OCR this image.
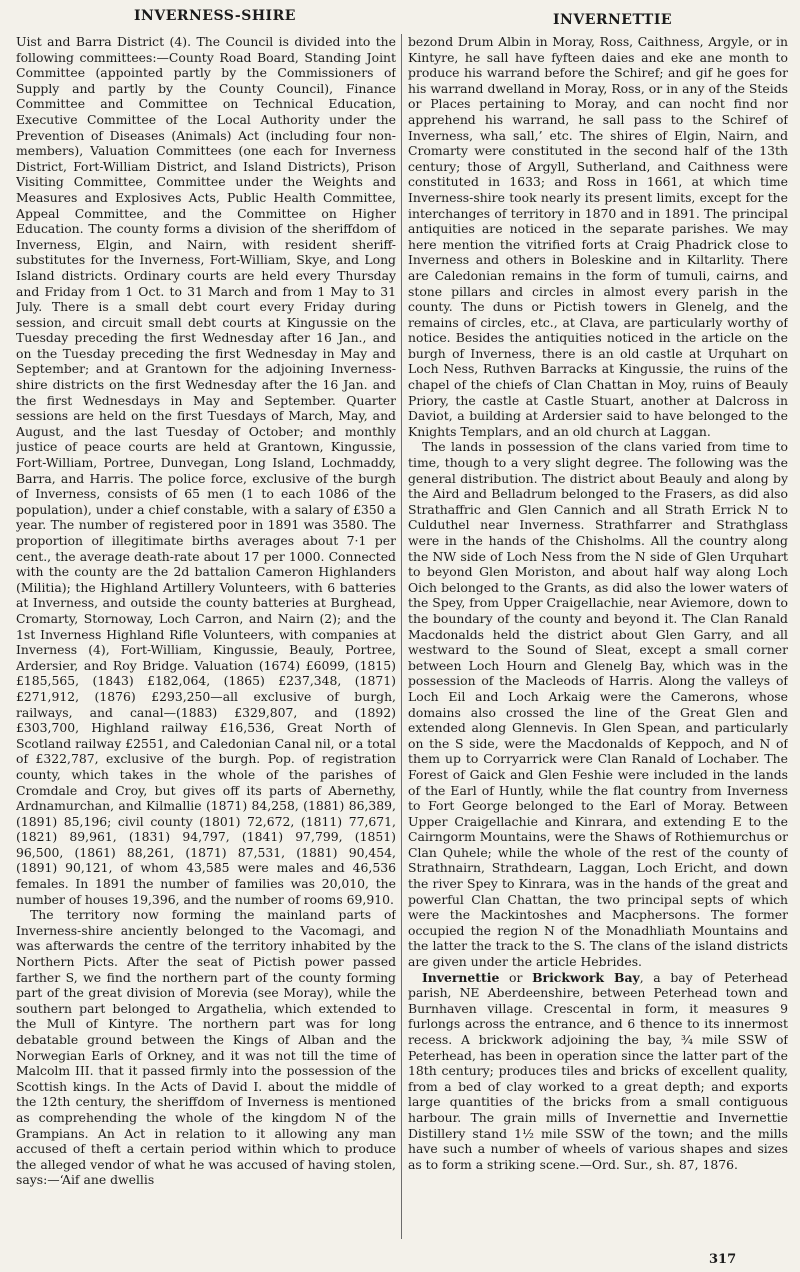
INVERNESS-SHIRE	INVERNETTIE

Uist and Barra District (4). The Council is divided into the following committees:—County Road Board, Standing Joint Committee (appointed partly by the Commissioners of Supply and partly by the County Council), Finance Committee and Committee on Technical Education, Executive Committee of the Local Authority under the Prevention of Diseases (Animals) Act (including four non-members), Valuation Committees (one each for Inverness District, Fort-William District, and Island Districts), Prison Visiting Committee, Committee under the Weights and Measures and Explosives Acts, Public Health Committee, Appeal Committee, and the Committee on Higher Education. The county forms a division of the sheriffdom of Inverness, Elgin, and Nairn, with resident sheriff-substitutes for the Inverness, Fort-William, Skye, and Long Island districts. Ordinary courts are held every Thursday and Friday from 1 Oct. to 31 March and from 1 May to 31 July. There is a small debt court every Friday during session, and circuit small debt courts at Kingussie on the Tuesday preceding the first Wednesday after 16 Jan., and on the Tuesday preceding the first Wednesday in May and September; and at Grantown for the adjoining Inverness-shire districts on the first Wednesday after the 16 Jan. and the first Wednesdays in May and September. Quarter sessions are held on the first Tuesdays of March, May, and August, and the last Tuesday of October; and monthly justice of peace courts are held at Grantown, Kingussie, Fort-William, Portree, Dunvegan, Long Island, Lochmaddy, Barra, and Harris. The police force, exclusive of the burgh of Inverness, consists of 65 men (1 to each 1086 of the population), under a chief constable, with a salary of £350 a year. The number of registered poor in 1891 was 3580. The proportion of illegitimate births averages about 7·1 per cent., the average death-rate about 17 per 1000. Connected with the county are the 2d battalion Cameron Highlanders (Militia); the Highland Artillery Volunteers, with 6 batteries at Inverness, and outside the county batteries at Burghead, Cromarty, Stornoway, Loch Carron, and Nairn (2); and the 1st Inverness Highland Rifle Volunteers, with companies at Inverness (4), Fort-William, Kingussie, Beauly, Portree, Ardersier, and Roy Bridge. Valuation (1674) £6099, (1815) £185,565, (1843) £182,064, (1865) £237,348, (1871) £271,912, (1876) £293,250—all exclusive of burgh, railways, and canal—(1883) £329,807, and (1892) £303,700, Highland railway £16,536, Great North of Scotland railway £2551, and Caledonian Canal nil, or a total of £322,787, exclusive of the burgh. Pop. of registration county, which takes in the whole of the parishes of Cromdale and Croy, but gives off its parts of Abernethy, Ardnamurchan, and Kilmallie (1871) 84,258, (1881) 86,389, (1891) 85,196; civil county (1801) 72,672, (1811) 77,671, (1821) 89,961, (1831) 94,797, (1841) 97,799, (1851) 96,500, (1861) 88,261, (1871) 87,531, (1881) 90,454, (1891) 90,121, of whom 43,585 were males and 46,536 females. In 1891 the number of families was 20,010, the number of houses 19,396, and the number of rooms 69,910.

The territory now forming the mainland parts of Inverness-shire anciently belonged to the Vacomagi, and was afterwards the centre of the territory inhabited by the Northern Picts. After the seat of Pictish power passed farther S, we find the northern part of the county forming part of the great division of Morevia (see Moray), while the southern part belonged to Argathelia, which extended to the Mull of Kintyre. The northern part was for long debatable ground between the Kings of Alban and the Norwegian Earls of Orkney, and it was not till the time of Malcolm III. that it passed firmly into the possession of the Scottish kings. In the Acts of David I. about the middle of the 12th century, the sheriffdom of Inverness is mentioned as comprehending the whole of the kingdom N of the Grampians. An Act in relation to it allowing any man accused of theft a certain period within which to produce the alleged vendor of what he was accused of having stolen, says:—‘Aif ane dwellis

bezond Drum Albin in Moray, Ross, Caithness, Argyle, or in Kintyre, he sall have fyfteen daies and eke ane month to produce his warrand before the Schiref; and gif he goes for his warrand dwelland in Moray, Ross, or in any of the Steids or Places pertaining to Moray, and can nocht find nor apprehend his warrand, he sall pass to the Schiref of Inverness, wha sall,’ etc. The shires of Elgin, Nairn, and Cromarty were constituted in the second half of the 13th century; those of Argyll, Sutherland, and Caithness were constituted in 1633; and Ross in 1661, at which time Inverness-shire took nearly its present limits, except for the interchanges of territory in 1870 and in 1891. The principal antiquities are noticed in the separate parishes. We may here mention the vitrified forts at Craig Phadrick close to Inverness and others in Boleskine and in Kiltarlity. There are Caledonian remains in the form of tumuli, cairns, and stone pillars and circles in almost every parish in the county. The duns or Pictish towers in Glenelg, and the remains of circles, etc., at Clava, are particularly worthy of notice. Besides the antiquities noticed in the article on the burgh of Inverness, there is an old castle at Urquhart on Loch Ness, Ruthven Barracks at Kingussie, the ruins of the chapel of the chiefs of Clan Chattan in Moy, ruins of Beauly Priory, the castle at Castle Stuart, another at Dalcross in Daviot, a building at Ardersier said to have belonged to the Knights Templars, and an old church at Laggan.

The lands in possession of the clans varied from time to time, though to a very slight degree. The following was the general distribution. The district about Beauly and along by the Aird and Belladrum belonged to the Frasers, as did also Strathaffric and Glen Cannich and all Strath Errick N to Culduthel near Inverness. Strathfarrer and Strathglass were in the hands of the Chisholms. All the country along the NW side of Loch Ness from the N side of Glen Urquhart to beyond Glen Moriston, and about half way along Loch Oich belonged to the Grants, as did also the lower waters of the Spey, from Upper Craigellachie, near Aviemore, down to the boundary of the county and beyond it. The Clan Ranald Macdonalds held the district about Glen Garry, and all westward to the Sound of Sleat, except a small corner between Loch Hourn and Glenelg Bay, which was in the possession of the Macleods of Harris. Along the valleys of Loch Eil and Loch Arkaig were the Camerons, whose domains also crossed the line of the Great Glen and extended along Glennevis. In Glen Spean, and particularly on the S side, were the Macdonalds of Keppoch, and N of them up to Corryarrick were Clan Ranald of Lochaber. The Forest of Gaick and Glen Feshie were included in the lands of the Earl of Huntly, while the flat country from Inverness to Fort George belonged to the Earl of Moray. Between Upper Craigellachie and Kinrara, and extending E to the Cairngorm Mountains, were the Shaws of Rothiemurchus or Clan Quhele; while the whole of the rest of the county of Strathnairn, Strathdearn, Laggan, Loch Ericht, and down the river Spey to Kinrara, was in the hands of the great and powerful Clan Chattan, the two principal septs of which were the Mackintoshes and Macphersons. The former occupied the region N of the Monadhliath Mountains and the latter the track to the S. The clans of the island districts are given under the article Hebrides.

Invernettie or Brickwork Bay, a bay of Peterhead parish, NE Aberdeenshire, between Peterhead town and Burnhaven village. Crescental in form, it measures 9 furlongs across the entrance, and 6 thence to its innermost recess. A brickwork adjoining the bay, ¾ mile SSW of Peterhead, has been in operation since the latter part of the 18th century; produces tiles and bricks of excellent quality, from a bed of clay worked to a great depth; and exports large quantities of the bricks from a small contiguous harbour. The grain mills of Invernettie and Invernettie Distillery stand 1½ mile SSW of the town; and the mills have such a number of wheels of various shapes and sizes as to form a striking scene.—Ord. Sur., sh. 87, 1876.

317
